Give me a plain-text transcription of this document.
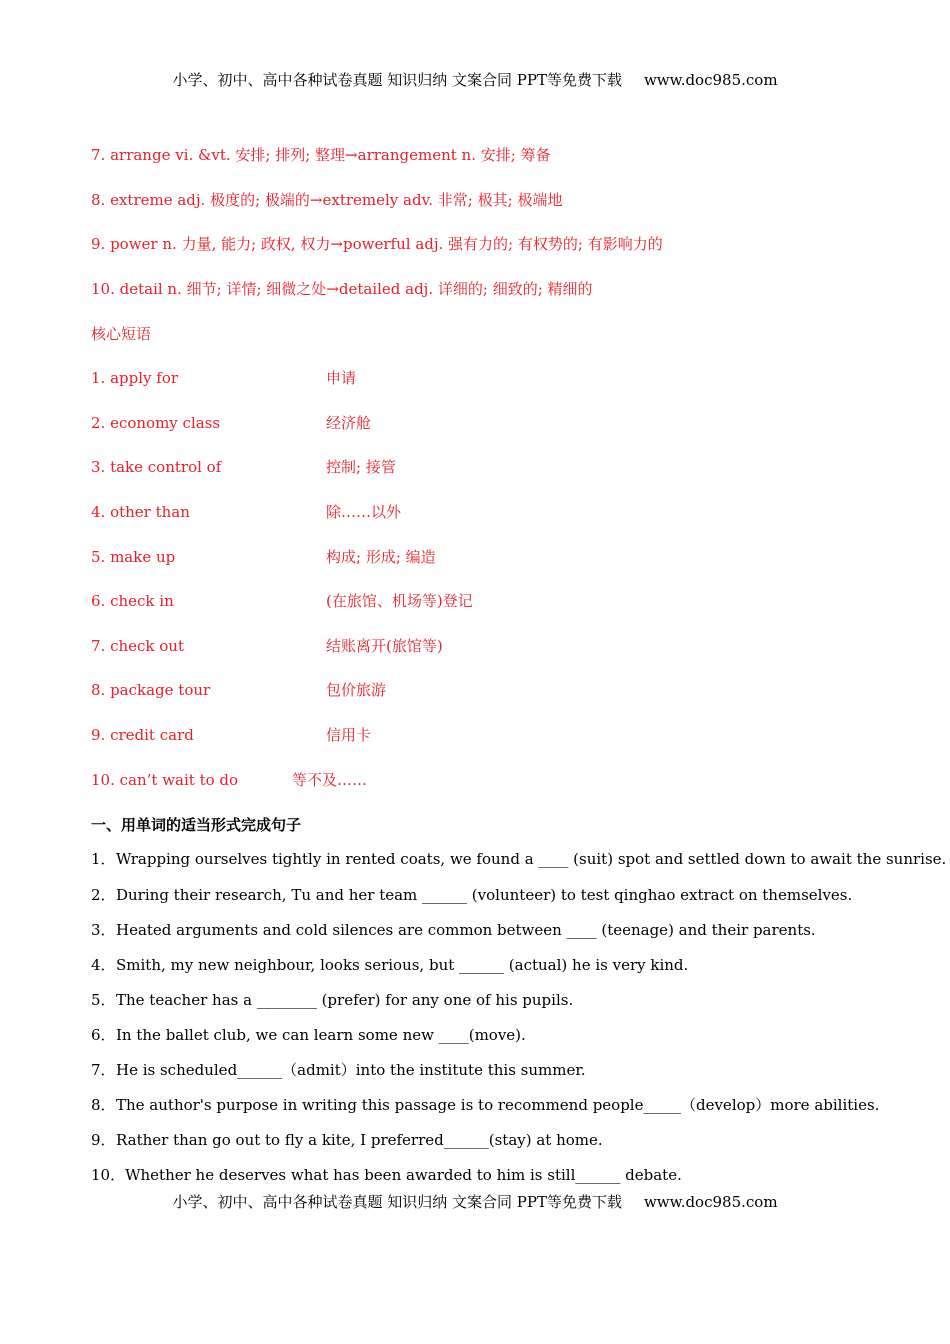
小学、初中、高中各种试卷真题 知识归纳 文案合同 PPT等免费下载 www.doc985.com
7. arrange vi. &vt. 安排; 排列; 整理→arrangement n. 安排; 筹备
8. extreme adj. 极度的; 极端的→extremely adv. 非常; 极其; 极端地
9. power n. 力量, 能力; 政权, 权力→powerful adj. 强有力的; 有权势的; 有影响力的
10. detail n. 细节; 详情; 细微之处→detailed adj. 详细的; 细致的; 精细的
核心短语
1. apply for	申请
2. economy class	经济舱
3. take control of	控制; 接管
4. other than	除……以外
5. make up	构成; 形成; 编造
6. check in	(在旅馆、机场等)登记
7. check out	结账离开(旅馆等)
8. package tour	包价旅游
9. credit card	信用卡
10. can’t wait to do	等不及……
一、用单词的适当形式完成句子
1．Wrapping ourselves tightly in rented coats, we found a ____ (suit) spot and settled down to await the sunrise.
2．During their research, Tu and her team ______ (volunteer) to test qinghao extract on themselves.
3．Heated arguments and cold silences are common between ____ (teenage) and their parents.
4．Smith, my new neighbour, looks serious, but ______ (actual) he is very kind.
5．The teacher has a ________ (prefer) for any one of his pupils.
6．In the ballet club, we can learn some new ____(move).
7．He is scheduled______（admit）into the institute this summer.
8．The author's purpose in writing this passage is to recommend people_____（develop）more abilities.
9．Rather than go out to fly a kite, I preferred______(stay) at home.
10．Whether he deserves what has been awarded to him is still______ debate.
小学、初中、高中各种试卷真题 知识归纳 文案合同 PPT等免费下载 www.doc985.com
